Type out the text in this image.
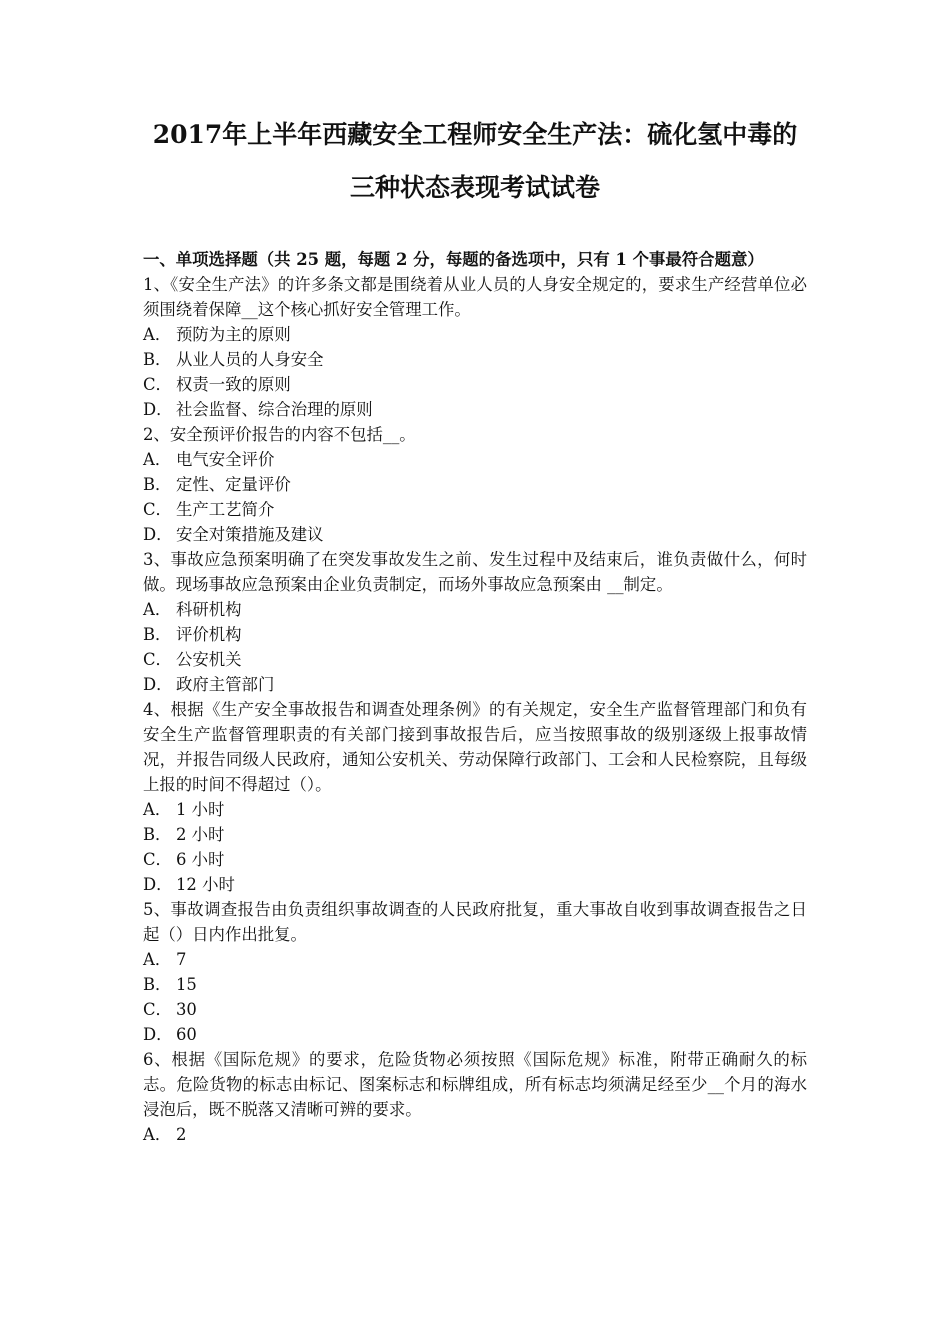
2017年上半年西藏安全工程师安全生产法：硫化氢中毒的
三种状态表现考试试卷

一、单项选择题（共 25 题，每题 2 分，每题的备选项中，只有 1 个事最符合题意）

1、《安全生产法》的许多条文都是围绕着从业人员的人身安全规定的，要求生产经营单位必须围绕着保障__这个核心抓好安全管理工作。

A． 预防为主的原则

B． 从业人员的人身安全

C． 权责一致的原则

D． 社会监督、综合治理的原则

2、安全预评价报告的内容不包括__。

A． 电气安全评价

B． 定性、定量评价

C． 生产工艺简介

D． 安全对策措施及建议

3、事故应急预案明确了在突发事故发生之前、发生过程中及结束后，谁负责做什么，何时做。现场事故应急预案由企业负责制定，而场外事故应急预案由 __制定。

A． 科研机构

B． 评价机构

C． 公安机关

D． 政府主管部门

4、根据《生产安全事故报告和调查处理条例》的有关规定，安全生产监督管理部门和负有安全生产监督管理职责的有关部门接到事故报告后，应当按照事故的级别逐级上报事故情况，并报告同级人民政府，通知公安机关、劳动保障行政部门、工会和人民检察院，且每级上报的时间不得超过（）。

A． 1 小时

B． 2 小时

C． 6 小时

D． 12 小时

5、事故调查报告由负责组织事故调查的人民政府批复，重大事故自收到事故调查报告之日起（）日内作出批复。

A． 7

B． 15

C． 30

D． 60

6、根据《国际危规》的要求，危险货物必须按照《国际危规》标准，附带正确耐久的标志。危险货物的标志由标记、图案标志和标牌组成，所有标志均须满足经至少__个月的海水浸泡后，既不脱落又清晰可辨的要求。

A． 2
